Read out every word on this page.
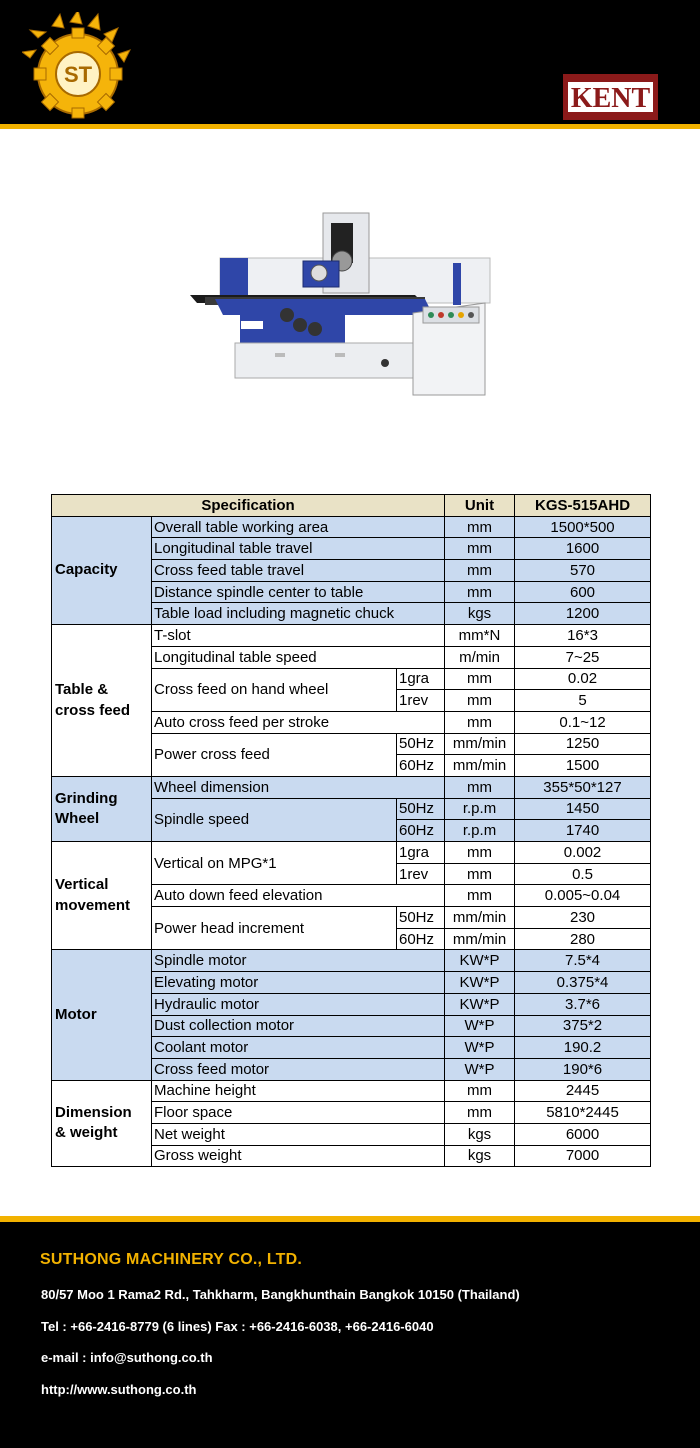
ST
KENT
Specification			Unit	KGS-515AHD
Capacity	Overall table working area		mm	1500*500
	Longitudinal table travel		mm	1600
	Cross feed table travel		mm	570
	Distance spindle center to table		mm	600
	Table load including magnetic chuck		kgs	1200
Table &
cross feed	T-slot		mm*N	16*3
	Longitudinal table speed		m/min	7~25
	Cross feed on hand wheel	1gra	mm	0.02
		1rev	mm	5
	Auto cross feed per stroke		mm	0.1~12
	Power cross feed	50Hz	mm/min	1250
		60Hz	mm/min	1500
Grinding
Wheel	Wheel dimension		mm	355*50*127
	Spindle speed	50Hz	r.p.m	1450
		60Hz	r.p.m	1740
Vertical
movement	Vertical on MPG*1	1gra	mm	0.002
		1rev	mm	0.5
	Auto down feed elevation		mm	0.005~0.04
	Power head increment	50Hz	mm/min	230
		60Hz	mm/min	280
Motor	Spindle motor		KW*P	7.5*4
	Elevating motor		KW*P	0.375*4
	Hydraulic motor		KW*P	3.7*6
	Dust collection motor		W*P	375*2
	Coolant motor		W*P	190.2
	Cross feed motor		W*P	190*6
Dimension
& weight	Machine height		mm	2445
	Floor space		mm	5810*2445
	Net weight		kgs	6000
	Gross weight		kgs	7000
SUTHONG MACHINERY CO., LTD.
80/57 Moo 1 Rama2 Rd., Tahkharm, Bangkhunthain Bangkok 10150 (Thailand)
Tel : +66-2416-8779 (6 lines) Fax : +66-2416-6038, +66-2416-6040
e-mail : info@suthong.co.th
http://www.suthong.co.th
